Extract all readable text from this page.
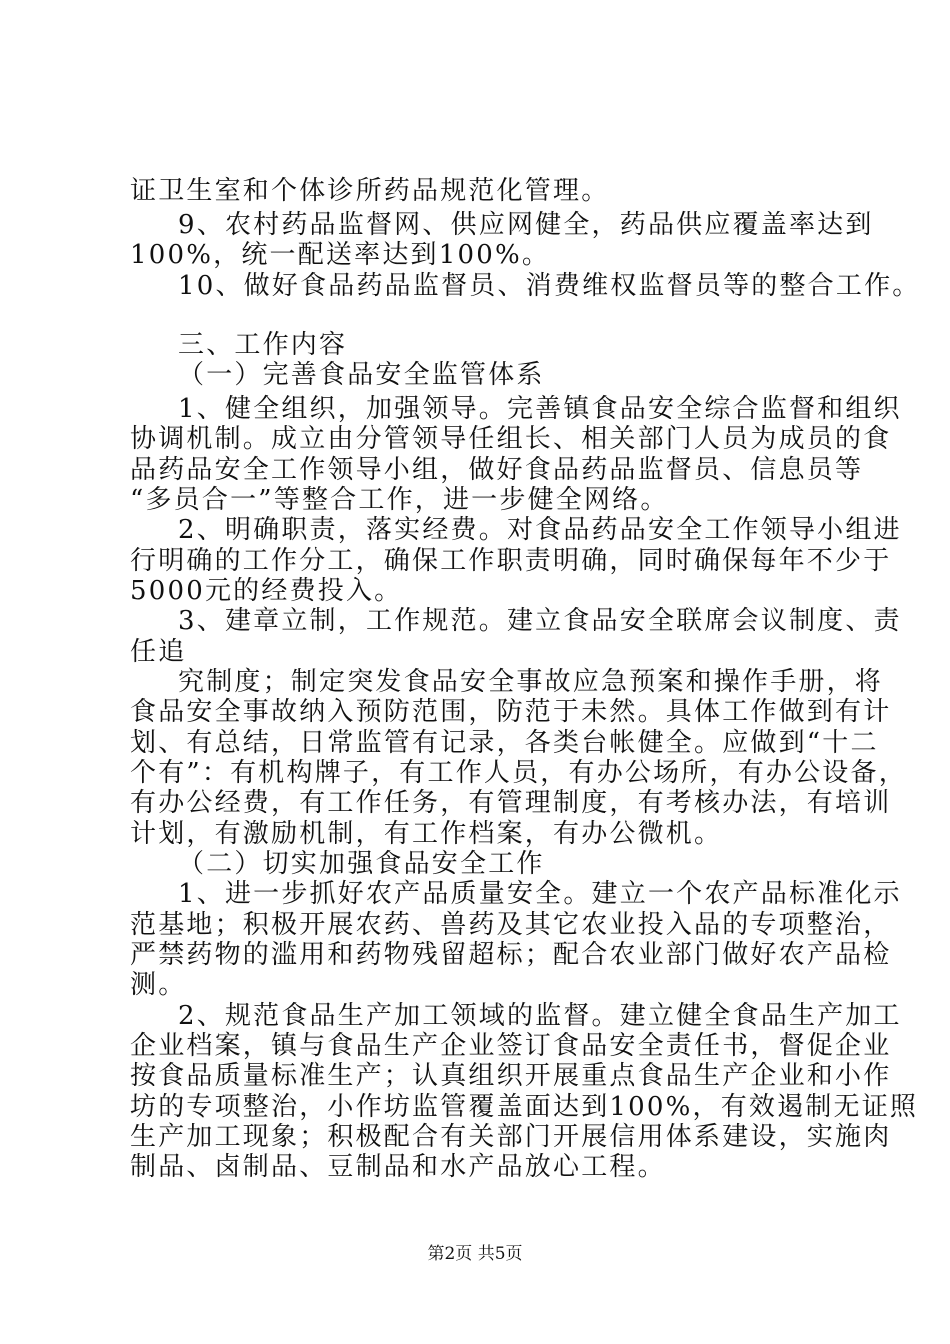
证卫生室和个体诊所药品规范化管理。
9、农村药品监督网、供应网健全，药品供应覆盖率达到
100%，统一配送率达到100%。
10、做好食品药品监督员、消费维权监督员等的整合工作。
三、工作内容
（一）完善食品安全监管体系
1、健全组织，加强领导。完善镇食品安全综合监督和组织
协调机制。成立由分管领导任组长、相关部门人员为成员的食
品药品安全工作领导小组，做好食品药品监督员、信息员等
“多员合一”等整合工作，进一步健全网络。
2、明确职责，落实经费。对食品药品安全工作领导小组进
行明确的工作分工，确保工作职责明确，同时确保每年不少于
5000元的经费投入。
3、建章立制，工作规范。建立食品安全联席会议制度、责
任追
究制度；制定突发食品安全事故应急预案和操作手册，将
食品安全事故纳入预防范围，防范于未然。具体工作做到有计
划、有总结，日常监管有记录，各类台帐健全。应做到“十二
个有”：有机构牌子，有工作人员，有办公场所，有办公设备，
有办公经费，有工作任务，有管理制度，有考核办法，有培训
计划，有激励机制，有工作档案，有办公微机。
（二）切实加强食品安全工作
1、进一步抓好农产品质量安全。建立一个农产品标准化示
范基地；积极开展农药、兽药及其它农业投入品的专项整治，
严禁药物的滥用和药物残留超标；配合农业部门做好农产品检
测。
2、规范食品生产加工领域的监督。建立健全食品生产加工
企业档案，镇与食品生产企业签订食品安全责任书，督促企业
按食品质量标准生产；认真组织开展重点食品生产企业和小作
坊的专项整治，小作坊监管覆盖面达到100%，有效遏制无证照
生产加工现象；积极配合有关部门开展信用体系建设，实施肉
制品、卤制品、豆制品和水产品放心工程。
第2页 共5页
